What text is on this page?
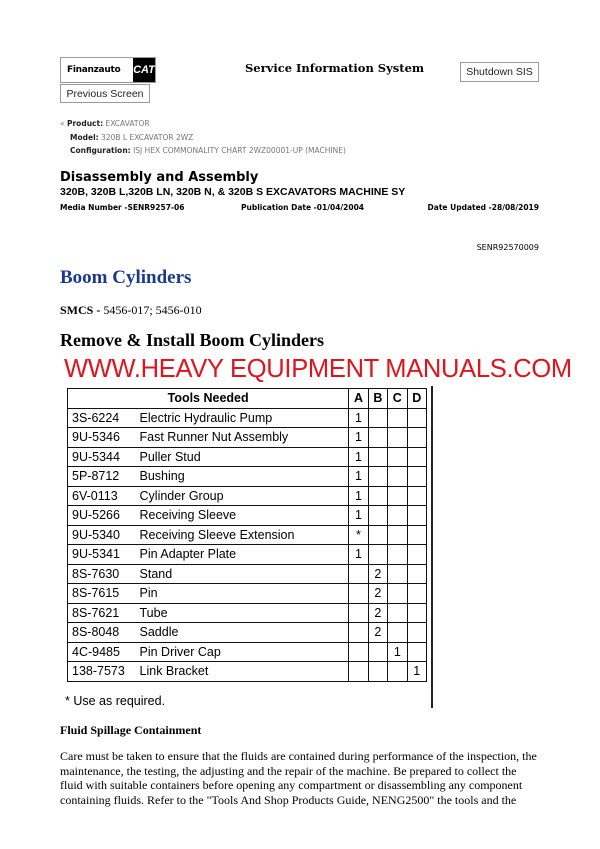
Finanzauto	CAT	Service Information System	Shutdown SIS
Previous Screen
« Product: EXCAVATOR
Model: 320B L EXCAVATOR 2WZ
Configuration: ISJ HEX COMMONALITY CHART 2WZ00001-UP (MACHINE)
Disassembly and Assembly
320B, 320B L,320B LN, 320B N, & 320B S EXCAVATORS MACHINE SY
Media Number -SENR9257-06	Publication Date -01/04/2004	Date Updated -28/08/2019
SENR92570009
Boom Cylinders
SMCS - 5456-017; 5456-010
Remove & Install Boom Cylinders
WWW.HEAVY EQUIPMENT MANUALS.COM
Tools Needed		A	B	C	D
3S-6224	Electric Hydraulic Pump	1			
9U-5346	Fast Runner Nut Assembly	1			
9U-5344	Puller Stud	1			
5P-8712	Bushing	1			
6V-0113	Cylinder Group	1			
9U-5266	Receiving Sleeve	1			
9U-5340	Receiving Sleeve Extension	*			
9U-5341	Pin Adapter Plate	1			
8S-7630	Stand		2		
8S-7615	Pin		2		
8S-7621	Tube		2		
8S-8048	Saddle		2		
4C-9485	Pin Driver Cap			1	
138-7573	Link Bracket				1
* Use as required.
Fluid Spillage Containment
Care must be taken to ensure that the fluids are contained during performance of the inspection, the maintenance, the testing, the adjusting and the repair of the machine. Be prepared to collect the fluid with suitable containers before opening any compartment or disassembling any component containing fluids. Refer to the "Tools And Shop Products Guide, NENG2500" the tools and the
